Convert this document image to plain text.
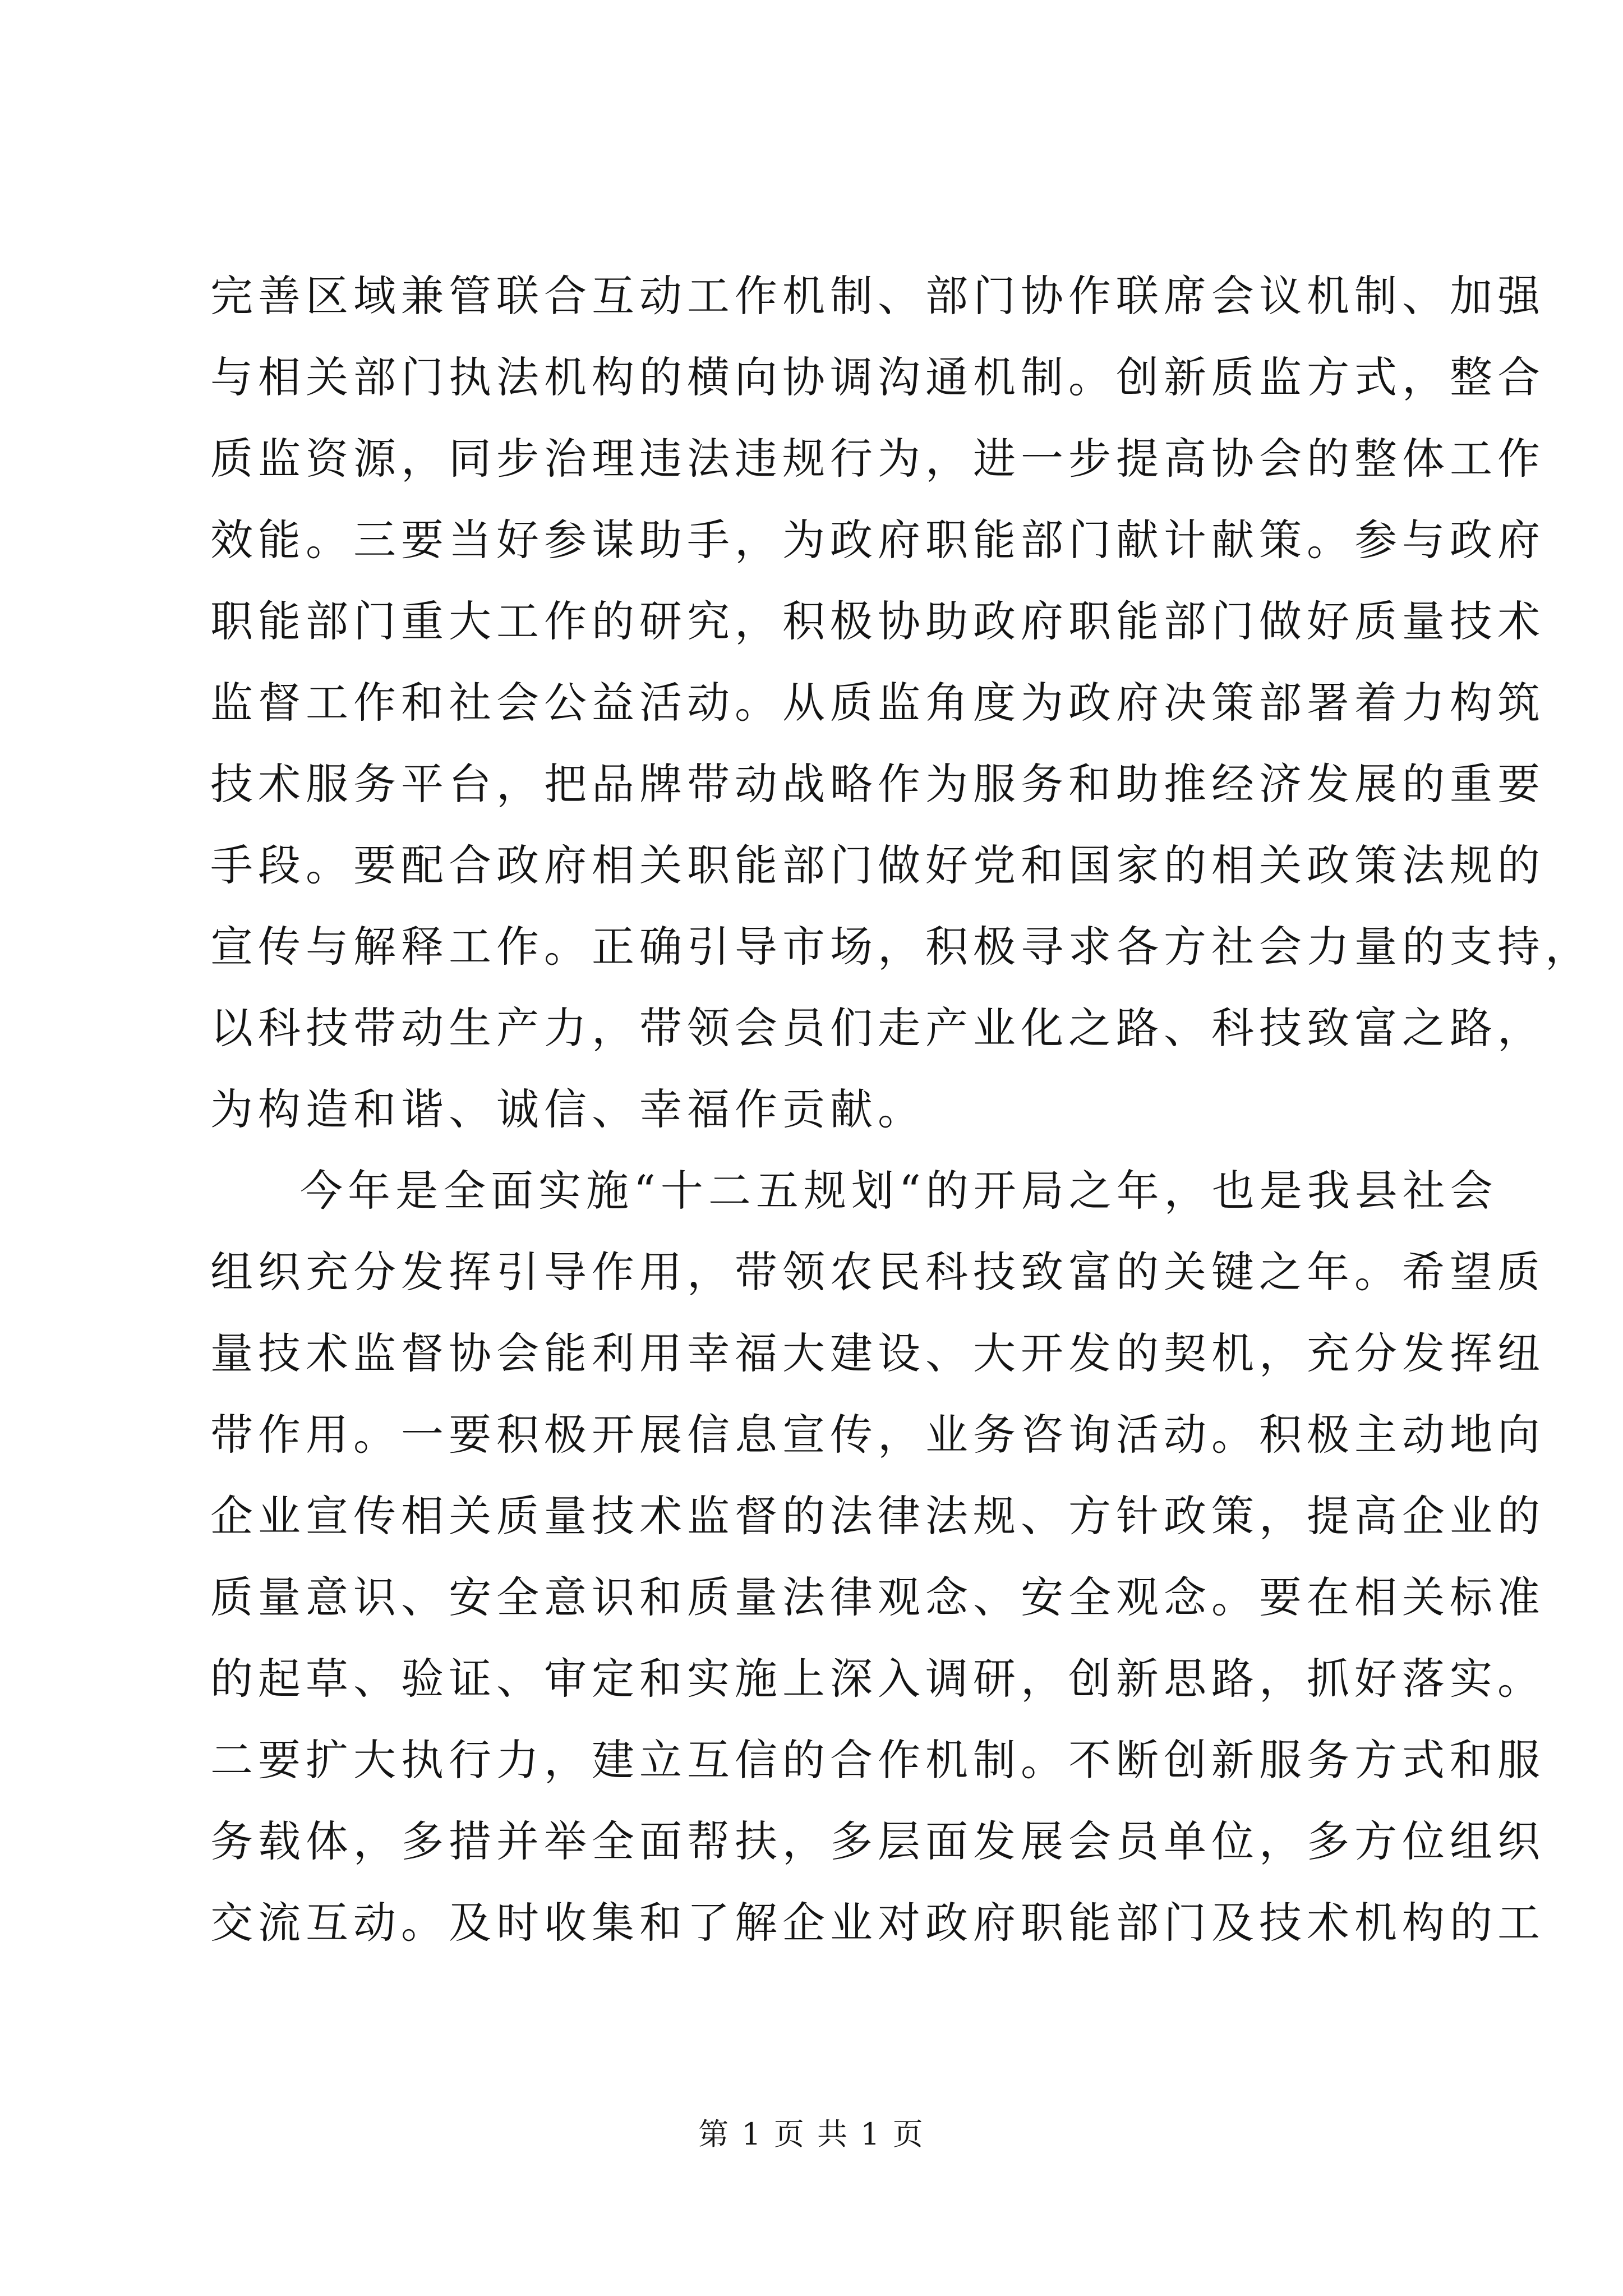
完善区域兼管联合互动工作机制、部门协作联席会议机制、加强
与相关部门执法机构的横向协调沟通机制。创新质监方式，整合
质监资源，同步治理违法违规行为，进一步提高协会的整体工作
效能。三要当好参谋助手，为政府职能部门献计献策。参与政府
职能部门重大工作的研究，积极协助政府职能部门做好质量技术
监督工作和社会公益活动。从质监角度为政府决策部署着力构筑
技术服务平台，把品牌带动战略作为服务和助推经济发展的重要
手段。要配合政府相关职能部门做好党和国家的相关政策法规的
宣传与解释工作。正确引导市场，积极寻求各方社会力量的支持，
以科技带动生产力，带领会员们走产业化之路、科技致富之路，
为构造和谐、诚信、幸福作贡献。
今年是全面实施“十二五规划“的开局之年，也是我县社会
组织充分发挥引导作用，带领农民科技致富的关键之年。希望质
量技术监督协会能利用幸福大建设、大开发的契机，充分发挥纽
带作用。一要积极开展信息宣传，业务咨询活动。积极主动地向
企业宣传相关质量技术监督的法律法规、方针政策，提高企业的
质量意识、安全意识和质量法律观念、安全观念。要在相关标准
的起草、验证、审定和实施上深入调研，创新思路，抓好落实。
二要扩大执行力，建立互信的合作机制。不断创新服务方式和服
务载体，多措并举全面帮扶，多层面发展会员单位，多方位组织
交流互动。及时收集和了解企业对政府职能部门及技术机构的工
第 1 页 共 1 页
